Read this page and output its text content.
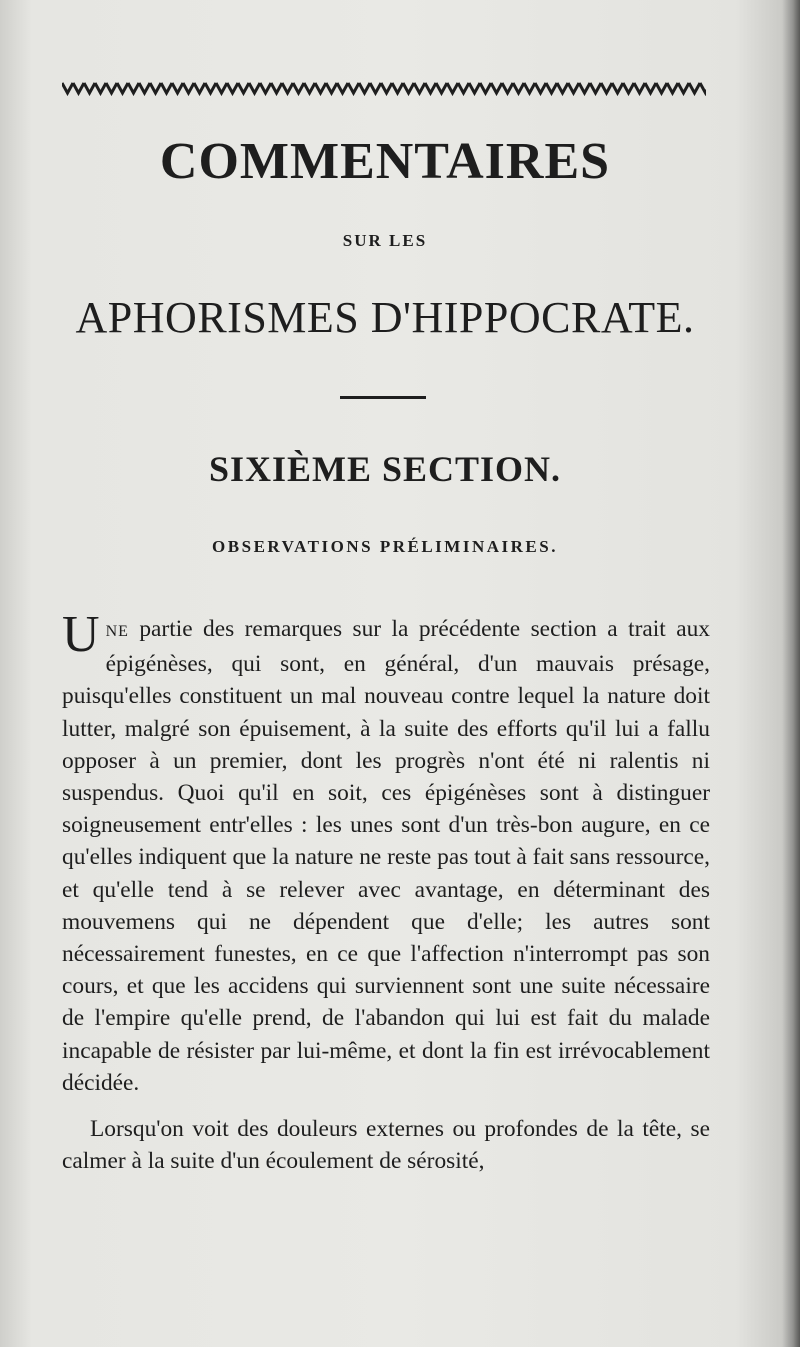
COMMENTAIRES
SUR LES
APHORISMES D'HIPPOCRATE.
SIXIÈME SECTION.
OBSERVATIONS PRÉLIMINAIRES.

UNE partie des remarques sur la précédente section a trait aux épigénèses, qui sont, en général, d'un mauvais présage, puisqu'elles constituent un mal nouveau contre lequel la nature doit lutter, malgré son épuisement, à la suite des efforts qu'il lui a fallu opposer à un premier, dont les progrès n'ont été ni ralentis ni suspendus. Quoi qu'il en soit, ces épigénèses sont à distinguer soigneusement entr'elles : les unes sont d'un très-bon augure, en ce qu'elles indiquent que la nature ne reste pas tout à fait sans ressource, et qu'elle tend à se relever avec avantage, en déterminant des mouvemens qui ne dépendent que d'elle; les autres sont nécessairement funestes, en ce que l'affection n'interrompt pas son cours, et que les accidens qui surviennent sont une suite nécessaire de l'empire qu'elle prend, de l'abandon qui lui est fait du malade incapable de résister par lui-même, et dont la fin est irrévocablement décidée.

Lorsqu'on voit des douleurs externes ou profondes de la tête, se calmer à la suite d'un écoulement de sérosité,
